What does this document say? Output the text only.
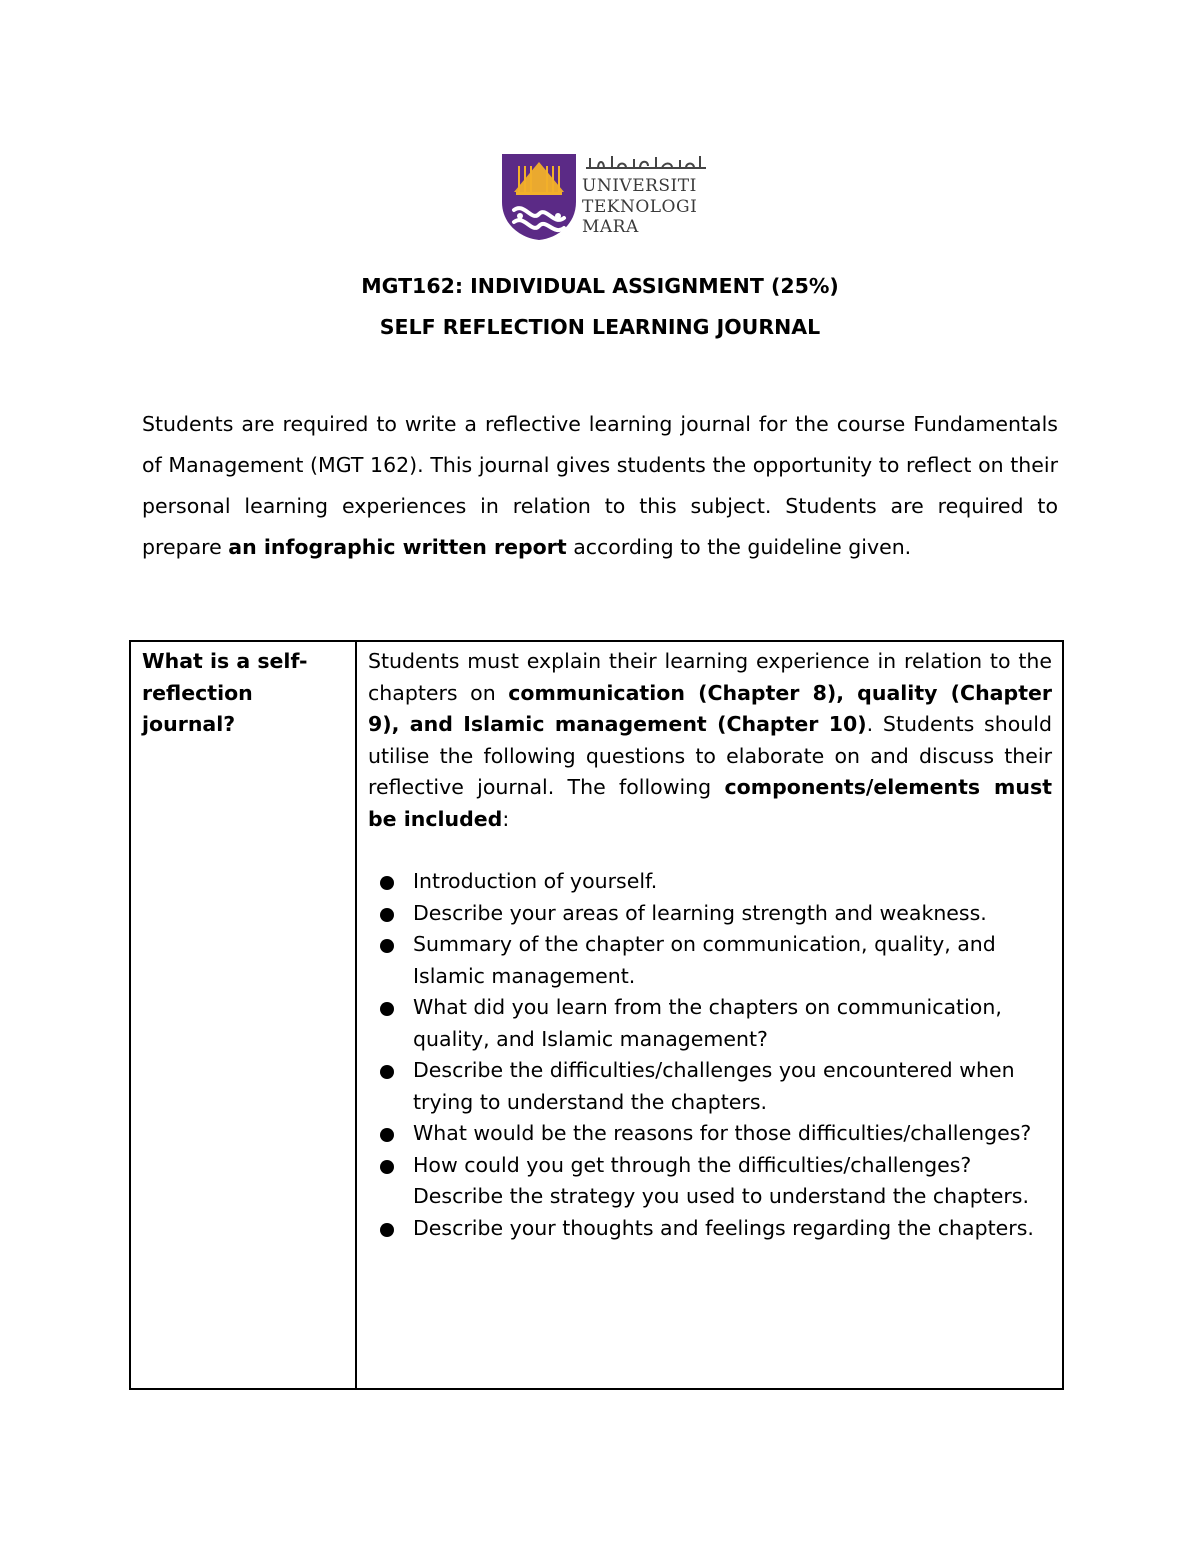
UNIVERSITI
TEKNOLOGI
MARA
MGT162: INDIVIDUAL ASSIGNMENT (25%)
SELF REFLECTION LEARNING JOURNAL

Students are required to write a reflective learning journal for the course Fundamentals of Management (MGT 162). This journal gives students the opportunity to reflect on their personal learning experiences in relation to this subject. Students are required to prepare an infographic written report according to the guideline given.

What is a self-reflection journal?

Students must explain their learning experience in relation to the chapters on communication (Chapter 8), quality (Chapter 9), and Islamic management (Chapter 10). Students should utilise the following questions to elaborate on and discuss their reflective journal. The following components/elements must be included:

Introduction of yourself.
Describe your areas of learning strength and weakness.
Summary of the chapter on communication, quality, and Islamic management.
What did you learn from the chapters on communication, quality, and Islamic management?
Describe the difficulties/challenges you encountered when trying to understand the chapters.
What would be the reasons for those difficulties/challenges?
How could you get through the difficulties/challenges? Describe the strategy you used to understand the chapters.
Describe your thoughts and feelings regarding the chapters.
